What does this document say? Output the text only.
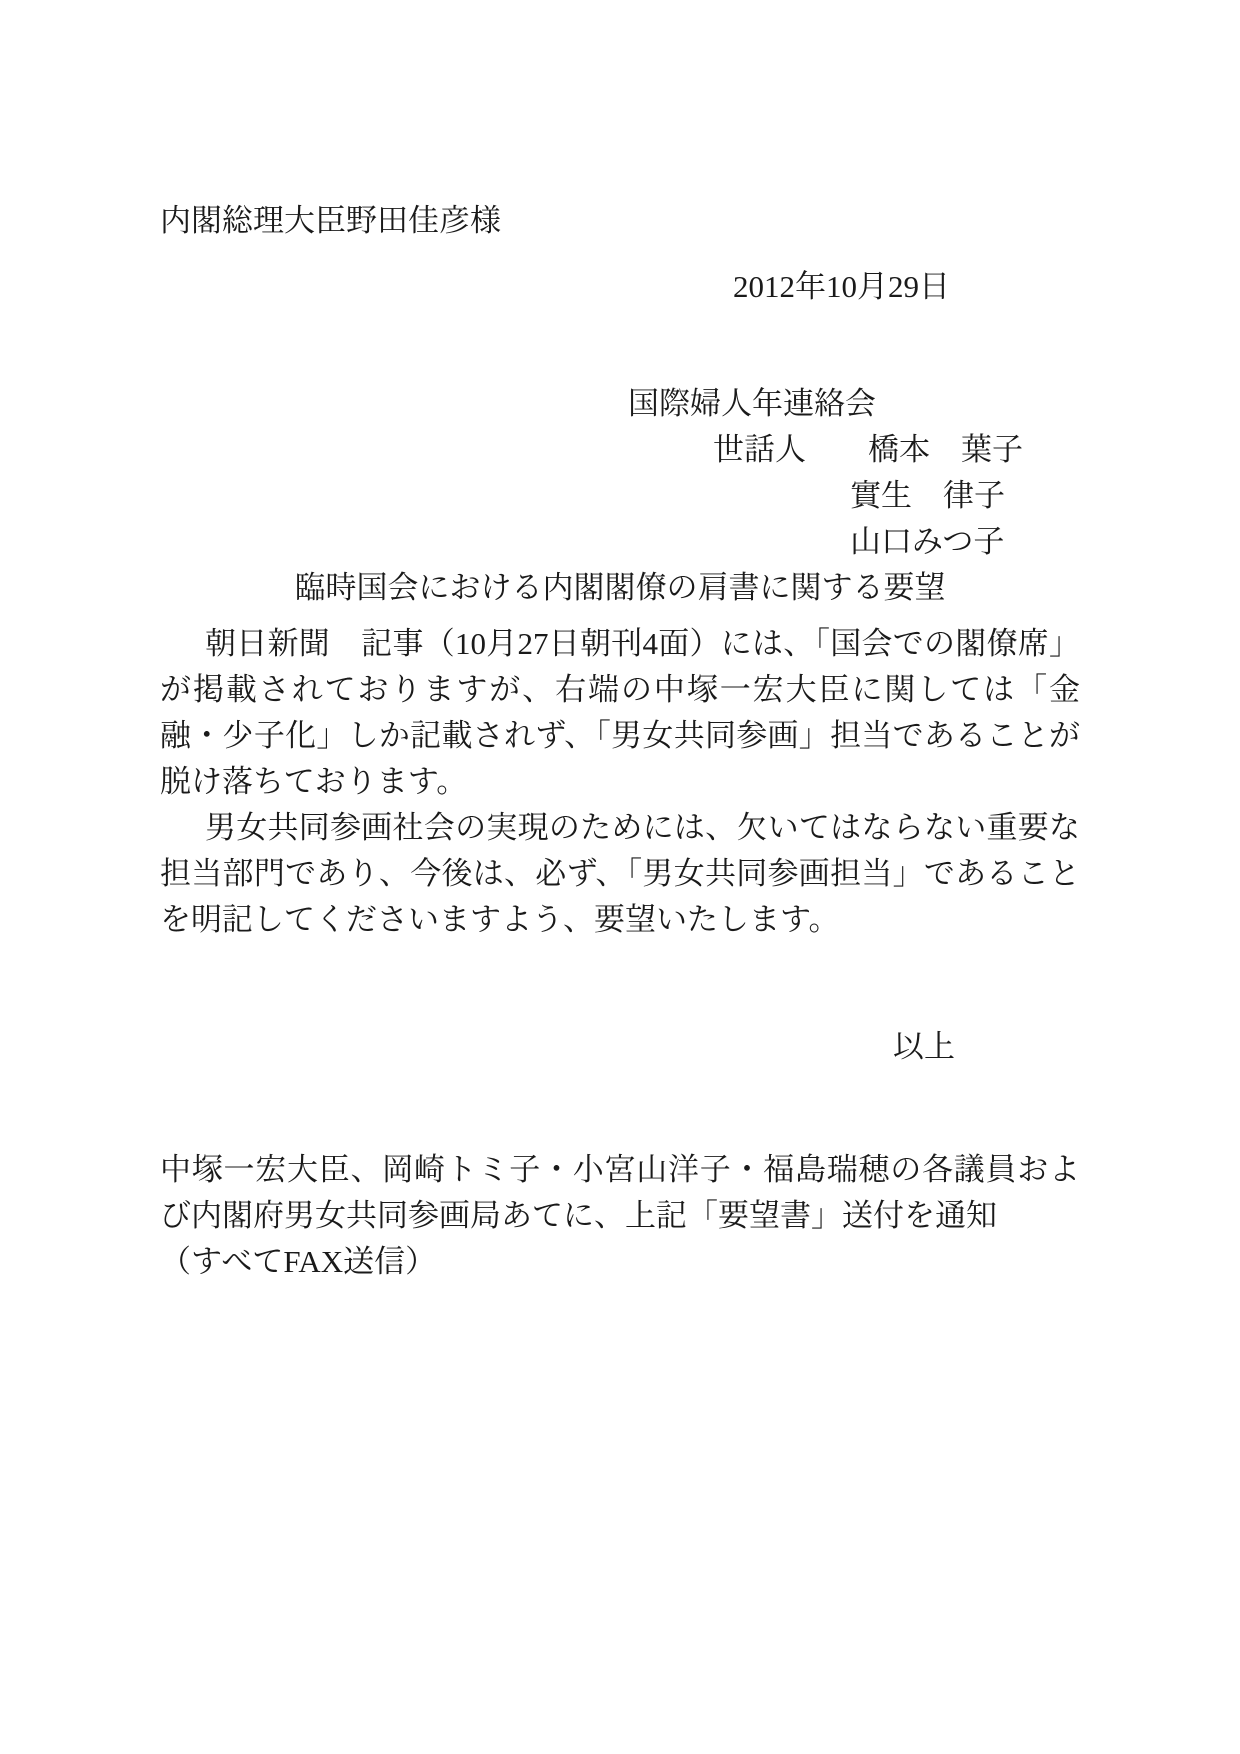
内閣総理大臣野田佳彦様
2012年10月29日
国際婦人年連絡会
世話人 橋本　葉子
實生　律子
山口みつ子
臨時国会における内閣閣僚の肩書に関する要望
朝日新聞　記事（10月27日朝刊4面）には、「国会での閣僚席」が掲載されておりますが、右端の中塚一宏大臣に関しては「金融・少子化」しか記載されず、「男女共同参画」担当であることが脱け落ちております。
男女共同参画社会の実現のためには、欠いてはならない重要な担当部門であり、今後は、必ず、「男女共同参画担当」であることを明記してくださいますよう、要望いたします。
以上
中塚一宏大臣、岡崎トミ子・小宮山洋子・福島瑞穂の各議員および内閣府男女共同参画局あてに、上記「要望書」送付を通知
（すべてFAX送信）
